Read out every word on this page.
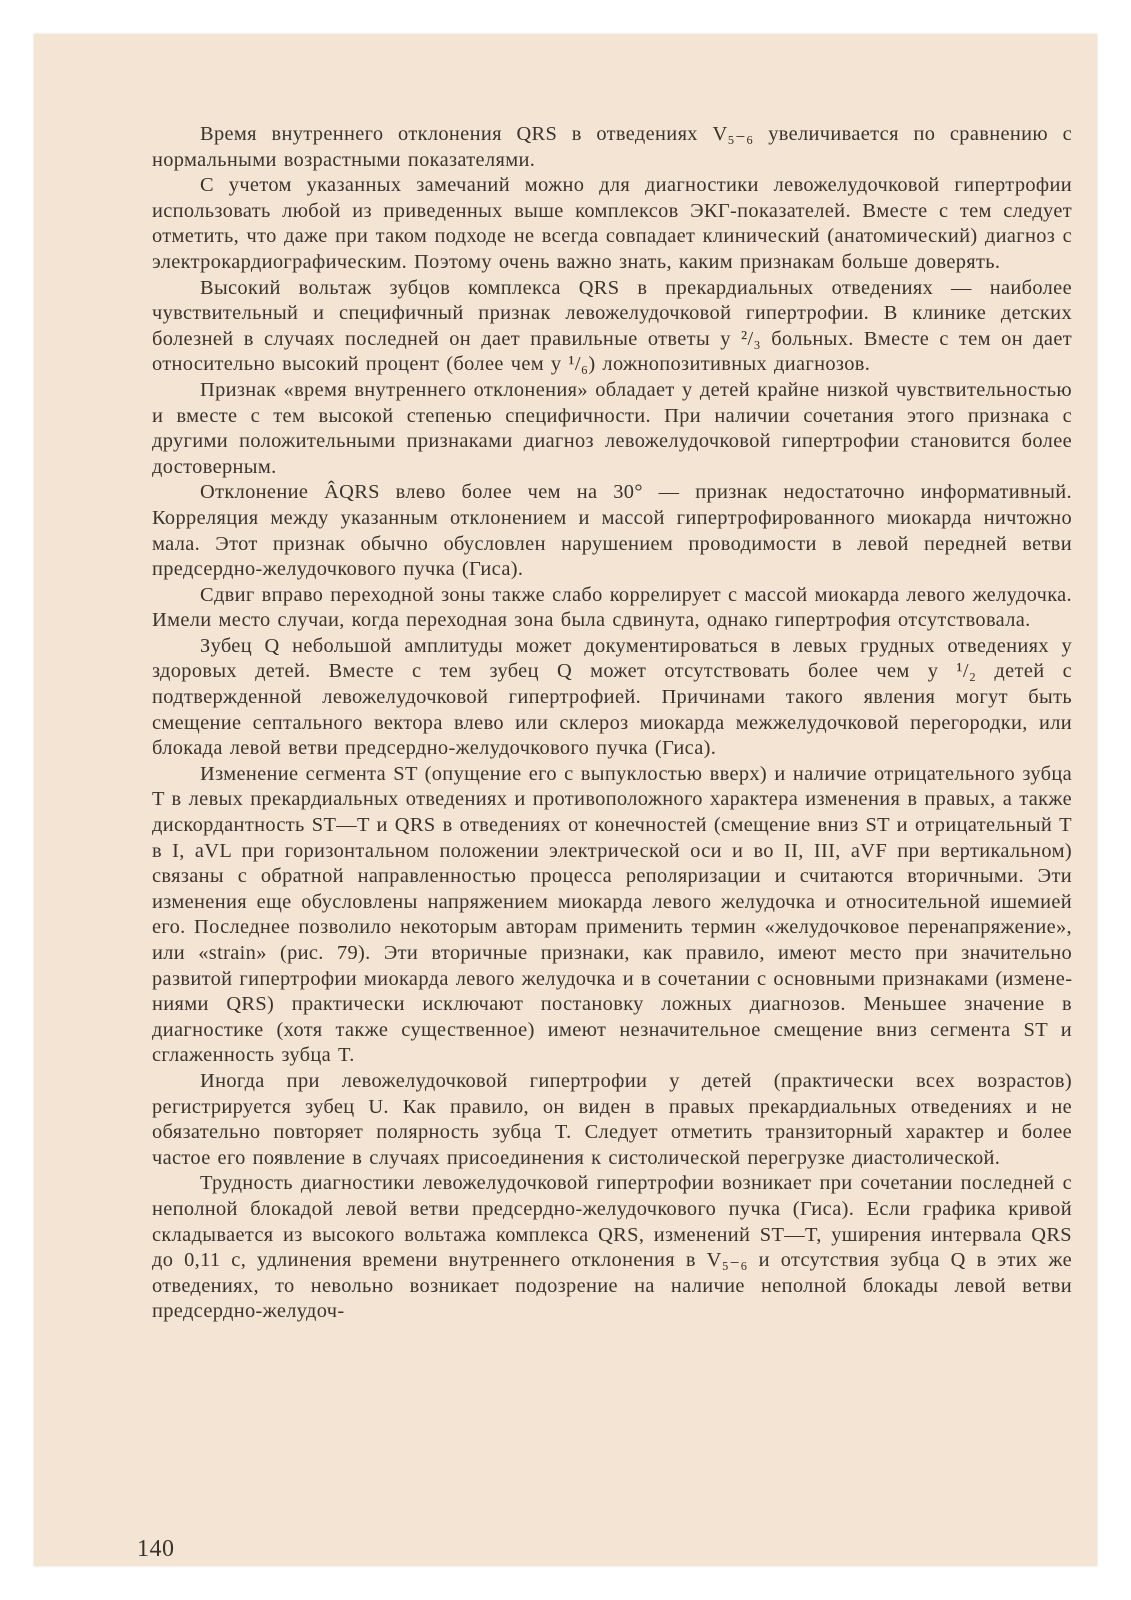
Время внутреннего отклонения QRS в отведениях V₅₋₆ увеличивается по сравнению с нормальными возрастными показателями.

С учетом указанных замечаний можно для диагностики левожелудочковой гипертрофии использовать любой из приведенных выше комплексов ЭКГ-показателей. Вместе с тем следует отметить, что даже при таком подходе не всегда совпадает клинический (анатомический) диагноз с электрокардиографическим. Поэтому очень важно знать, каким признакам больше доверять.

Высокий вольтаж зубцов комплекса QRS в прекардиальных отведениях — наиболее чувствительный и специфичный признак левожелудочковой гипертрофии. В клинике детских болезней в случаях последней он дает правильные ответы у ²/₃ больных. Вместе с тем он дает относительно высокий процент (более чем у ¹/₆) ложнопозитивных диагнозов.

Признак «время внутреннего отклонения» обладает у детей крайне низкой чувствительностью и вместе с тем высокой степенью специфичности. При наличии сочетания этого признака с другими положительными признаками диагноз левожелудочковой гипертрофии становится более достоверным.

Отклонение ÂQRS влево более чем на 30° — признак недостаточно информативный. Корреляция между указанным отклонением и массой гипертрофированного миокарда ничтожно мала. Этот признак обычно обусловлен нарушением проводимости в левой передней ветви предсердно-желудочкового пучка (Гиса).

Сдвиг вправо переходной зоны также слабо коррелирует с массой миокарда левого желудочка. Имели место случаи, когда переходная зона была сдвинута, однако гипертрофия отсутствовала.

Зубец Q небольшой амплитуды может документироваться в левых грудных отведениях у здоровых детей. Вместе с тем зубец Q может отсутствовать более чем у ¹/₂ детей с подтвержденной левожелудочковой гипертрофией. Причинами такого явления могут быть смещение септального вектора влево или склероз миокарда межжелудочковой перегородки, или блокада левой ветви предсердно-желудочкового пучка (Гиса).

Изменение сегмента ST (опущение его с выпуклостью вверх) и наличие отрицательного зубца T в левых прекардиальных отведениях и противоположного характера изменения в правых, а также дискордантность ST—T и QRS в отведениях от конечностей (смещение вниз ST и отрицательный T в I, aVL при горизонтальном положении электрической оси и во II, III, aVF при вертикальном) связаны с обратной направленностью процесса реполяризации и считаются вторичными. Эти изменения еще обусловлены напряжением миокарда левого желудочка и относительной ишемией его. Последнее позволило некоторым авторам применить термин «желудочковое перенапряжение», или «strain» (рис. 79). Эти вторичные признаки, как правило, имеют место при значительно развитой гипертрофии миокарда левого желудочка и в сочетании с основными признаками (изменениями QRS) практически исключают постановку ложных диагнозов. Меньшее значение в диагностике (хотя также существенное) имеют незначительное смещение вниз сегмента ST и сглаженность зубца T.

Иногда при левожелудочковой гипертрофии у детей (практически всех возрастов) регистрируется зубец U. Как правило, он виден в правых прекардиальных отведениях и не обязательно повторяет полярность зубца T. Следует отметить транзиторный характер и более частое его появление в случаях присоединения к систолической перегрузке диастолической.

Трудность диагностики левожелудочковой гипертрофии возникает при сочетании последней с неполной блокадой левой ветви предсердно-желудочкового пучка (Гиса). Если графика кривой складывается из высокого вольтажа комплекса QRS, изменений ST—T, уширения интервала QRS до 0,11 с, удлинения времени внутреннего отклонения в V₅₋₆ и отсутствия зубца Q в этих же отведениях, то невольно возникает подозрение на наличие неполной блокады левой ветви предсердно-желудоч-

140
